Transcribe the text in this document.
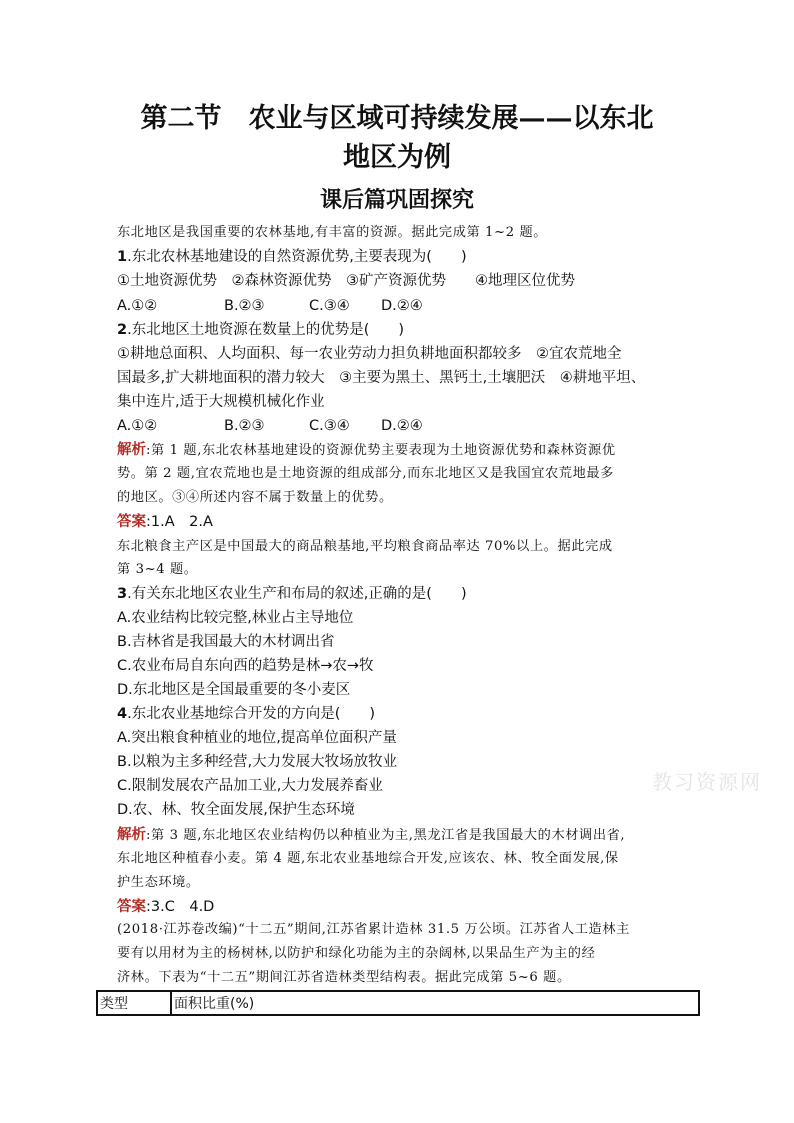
第二节　农业与区域可持续发展——以东北
地区为例
课后篇巩固探究
东北地区是我国重要的农林基地,有丰富的资源。据此完成第 1~2 题。
1.东北农林基地建设的自然资源优势,主要表现为(　　)
①土地资源优势　②森林资源优势　③矿产资源优势　　④地理区位优势
A.①②	B.②③	C.③④ D.②④
2.东北地区土地资源在数量上的优势是(　　)
①耕地总面积、人均面积、每一农业劳动力担负耕地面积都较多　②宜农荒地全
国最多,扩大耕地面积的潜力较大　③主要为黑土、黑钙土,土壤肥沃　④耕地平坦、
集中连片,适于大规模机械化作业
A.①②	B.②③	C.③④ D.②④
解析:第 1 题,东北农林基地建设的资源优势主要表现为土地资源优势和森林资源优
势。第 2 题,宜农荒地也是土地资源的组成部分,而东北地区又是我国宜农荒地最多
的地区。③④所述内容不属于数量上的优势。
答案:1.A　2.A
东北粮食主产区是中国最大的商品粮基地,平均粮食商品率达 70%以上。据此完成
第 3~4 题。
3.有关东北地区农业生产和布局的叙述,正确的是(　　)
A.农业结构比较完整,林业占主导地位
B.吉林省是我国最大的木材调出省
C.农业布局自东向西的趋势是林→农→牧
D.东北地区是全国最重要的冬小麦区
4.东北农业基地综合开发的方向是(　　)
A.突出粮食种植业的地位,提高单位面积产量
B.以粮为主多种经营,大力发展大牧场放牧业
C.限制发展农产品加工业,大力发展养畜业
D.农、林、牧全面发展,保护生态环境
解析:第 3 题,东北地区农业结构仍以种植业为主,黑龙江省是我国最大的木材调出省,
东北地区种植春小麦。第 4 题,东北农业基地综合开发,应该农、林、牧全面发展,保
护生态环境。
答案:3.C　4.D
(2018·江苏卷改编)“十二五”期间,江苏省累计造林 31.5 万公顷。江苏省人工造林主
要有以用材为主的杨树林,以防护和绿化功能为主的杂阔林,以果品生产为主的经
济林。下表为“十二五”期间江苏省造林类型结构表。据此完成第 5~6 题。
类型	面积比重(%)
教习资源网
